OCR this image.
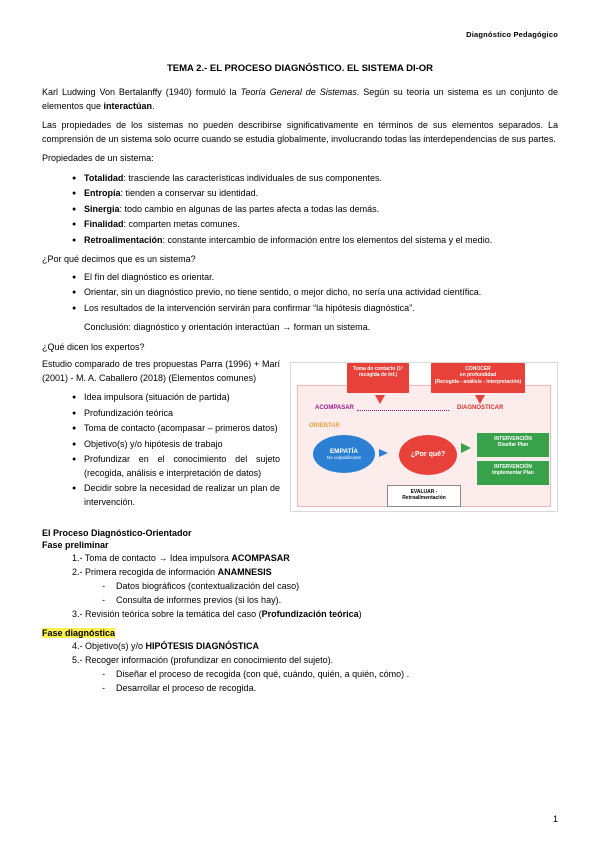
Diagnóstico Pedagógico
TEMA 2.- EL PROCESO DIAGNÓSTICO. EL SISTEMA DI-OR

Karl Ludwing Von Bertalanffy (1940) formuló la Teoría General de Sistemas. Según su teoría un sistema es un conjunto de elementos que interactúan.

Las propiedades de los sistemas no pueden describirse significativamente en términos de sus elementos separados. La comprensión de un sistema solo ocurre cuando se estudia globalmente, involucrando todas las interdependencias de sus partes.

Propiedades de un sistema:

● Totalidad: trasciende las características individuales de sus componentes.
● Entropía: tienden a conservar su identidad.
● Sinergia: todo cambio en algunas de las partes afecta a todas las demás.
● Finalidad: comparten metas comunes.
● Retroalimentación: constante intercambio de información entre los elementos del sistema y el medio.
¿Por qué decimos que es un sistema?
● El fín del diagnóstico es orientar.
● Orientar, sin un diagnóstico previo, no tiene sentido, o mejor dicho, no sería una actividad científica.
● Los resultados de la intervención servirán para confirmar “la hipótesis diagnóstica”.
Conclusión: diagnóstico y orientación interactúan → forman un sistema.
¿Qué dicen los expertos?
Toma de contacto (1ª recogida de inf.)
CONOCER
en profundidad
(Recogida - análisis - interpretación)
ACOMPASAR	DIAGNOSTICAR
ORIENTAR
EMPATÍA
No culpabilizante	¿Por qué?
INTERVENCIÓN
Diseñar Plan
INTERVENCIÓN
Implementar Plan
EVALUAR -
Retroalimentación

Estudio comparado de tres propuestas Parra (1996) + Marí (2001) - M. A. Caballero (2018) (Elementos comunes)

● Idea impulsora (situación de partida)
● Profundización teórica
● Toma de contacto (acompasar – primeros datos)
● Objetivo(s) y/o hipótesis de trabajo
● Profundizar en el conocimiento del sujeto (recogida, análisis e interpretación de datos)
● Decidir sobre la necesidad de realizar un plan de intervención.
El Proceso Diagnóstico-Orientador
Fase preliminar
1.- Toma de contacto → Idea impulsora ACOMPASAR
2.- Primera recogida de información ANAMNESIS
- Datos biográficos (contextualización del caso)
- Consulta de informes previos (si los hay).
3.- Revisión teórica sobre la temática del caso (Profundización teórica)
Fase diagnóstica
4.- Objetivo(s) y/o HIPÓTESIS DIAGNÓSTICA
5.- Recoger información (profundizar en conocimiento del sujeto).
- Diseñar el proceso de recogida (con qué, cuándo, quién, a quién, cómo) .
- Desarrollar el proceso de recogida.
1
